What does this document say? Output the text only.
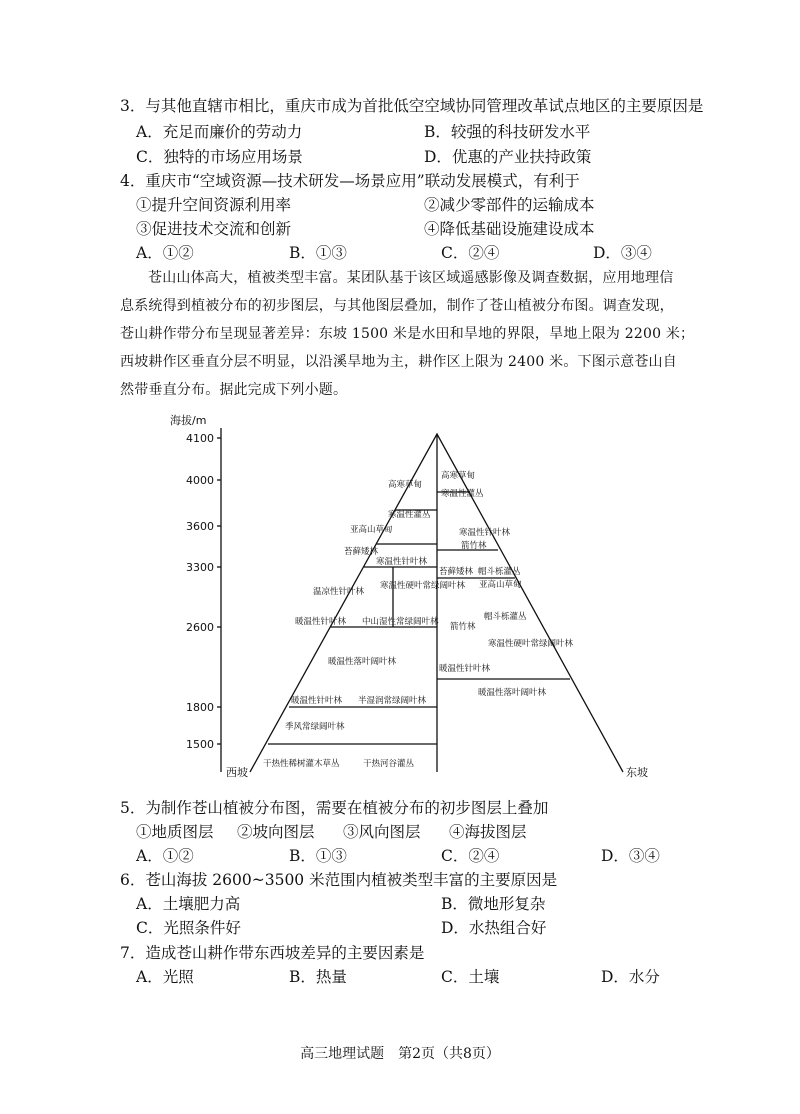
3．与其他直辖市相比，重庆市成为首批低空空域协同管理改革试点地区的主要原因是
A．充足而廉价的劳动力	B．较强的科技研发水平
C．独特的市场应用场景	D．优惠的产业扶持政策
4．重庆市“空域资源—技术研发—场景应用”联动发展模式，有利于
①提升空间资源利用率	②减少零部件的运输成本
③促进技术交流和创新	④降低基础设施建设成本
A．①②	B．①③	C．②④	D．③④
苍山山体高大，植被类型丰富。某团队基于该区域遥感影像及调查数据，应用地理信
息系统得到植被分布的初步图层，与其他图层叠加，制作了苍山植被分布图。调查发现，
苍山耕作带分布呈现显著差异：东坡 1500 米是水田和旱地的界限，旱地上限为 2200 米；
西坡耕作区垂直分层不明显，以沿溪旱地为主，耕作区上限为 2400 米。下图示意苍山自
然带垂直分布。据此完成下列小题。
海拔/m
4100
4000
3600
3300
2600
1800
1500
西坡	东坡
高寒草甸
寒温性灌丛
亚高山草甸
苔藓矮林
寒温性针叶林
温凉性针叶林
寒温性硬叶常绿阔叶林
暖温性针叶林 中山湿性常绿阔叶林
暖温性落叶阔叶林
暖温性针叶林 半湿润常绿阔叶林
季风常绿阔叶林
干热性稀树灌木草丛	干热河谷灌丛
高寒草甸
寒温性灌丛
寒温性针叶林
箭竹林
苔藓矮林 帽斗栎灌丛
亚高山草甸
帽斗栎灌丛
箭竹林
寒温性硬叶常绿阔叶林
暖温性针叶林
暖温性落叶阔叶林
5．为制作苍山植被分布图，需要在植被分布的初步图层上叠加
①地质图层 ②坡向图层 ③风向图层 ④海拔图层
A．①②	B．①③	C．②④	D．③④
6．苍山海拔 2600~3500 米范围内植被类型丰富的主要原因是
A．土壤肥力高	B．微地形复杂
C．光照条件好	D．水热组合好
7．造成苍山耕作带东西坡差异的主要因素是
A．光照	B．热量	C．土壤	D．水分
高三地理试题　第2页（共8页）
